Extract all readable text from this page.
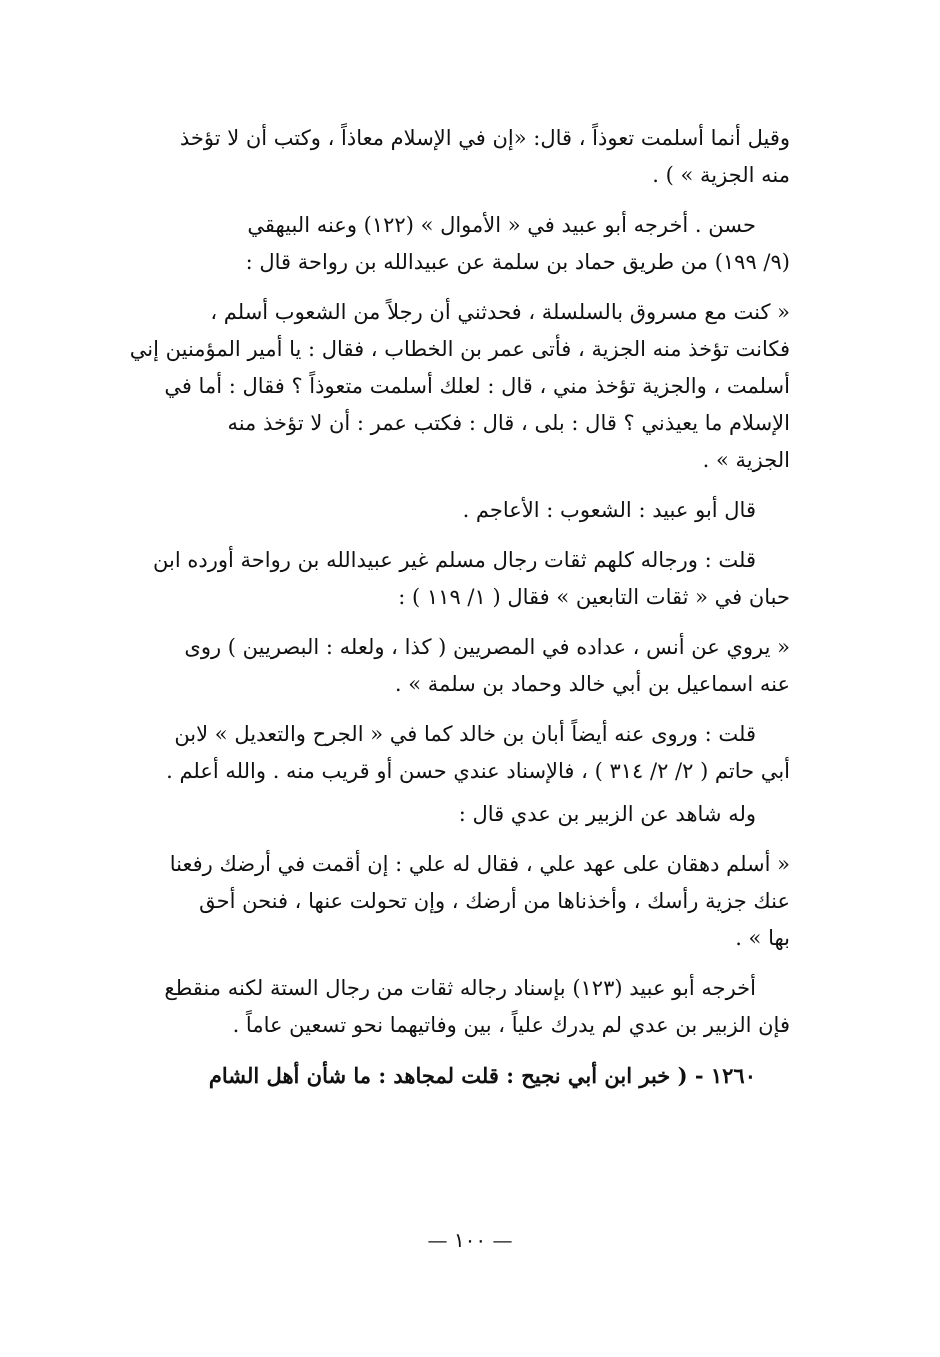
وقيل أنما أسلمت تعوذاً ، قال: «إن في الإسلام معاذاً ، وكتب أن لا تؤخذ
منه الجزية » ) .

حسن . أخرجه أبو عبيد في « الأموال » (١٢٢) وعنه البيهقي
(٩/ ١٩٩) من طريق حماد بن سلمة عن عبيدالله بن رواحة قال :

« كنت مع مسروق بالسلسلة ، فحدثني أن رجلاً من الشعوب أسلم ،
فكانت تؤخذ منه الجزية ، فأتى عمر بن الخطاب ، فقال : يا أمير المؤمنين إني
أسلمت ، والجزية تؤخذ مني ، قال : لعلك أسلمت متعوذاً ؟ فقال : أما في
الإسلام ما يعيذني ؟ قال : بلى ، قال : فكتب عمر : أن لا تؤخذ منه
الجزية » .

قال أبو عبيد : الشعوب : الأعاجم .

قلت : ورجاله كلهم ثقات رجال مسلم غير عبيدالله بن رواحة أورده ابن
حبان في « ثقات التابعين » فقال ( ١/ ١١٩ ) :

« يروي عن أنس ، عداده في المصريين ( كذا ، ولعله : البصريين ) روى
عنه اسماعيل بن أبي خالد وحماد بن سلمة » .

قلت : وروى عنه أيضاً أبان بن خالد كما في « الجرح والتعديل » لابن
أبي حاتم ( ٢/ ٢/ ٣١٤ ) ، فالإسناد عندي حسن أو قريب منه . والله أعلم .

وله شاهد عن الزبير بن عدي قال :

« أسلم دهقان على عهد علي ، فقال له علي : إن أقمت في أرضك رفعنا
عنك جزية رأسك ، وأخذناها من أرضك ، وإن تحولت عنها ، فنحن أحق
بها » .

أخرجه أبو عبيد (١٢٣) بإسناد رجاله ثقات من رجال الستة لكنه منقطع
فإن الزبير بن عدي لم يدرك علياً ، بين وفاتيهما نحو تسعين عاماً .

١٢٦٠ - ( خبر ابن أبي نجيح : قلت لمجاهد : ما شأن أهل الشام

— ١٠٠ —
